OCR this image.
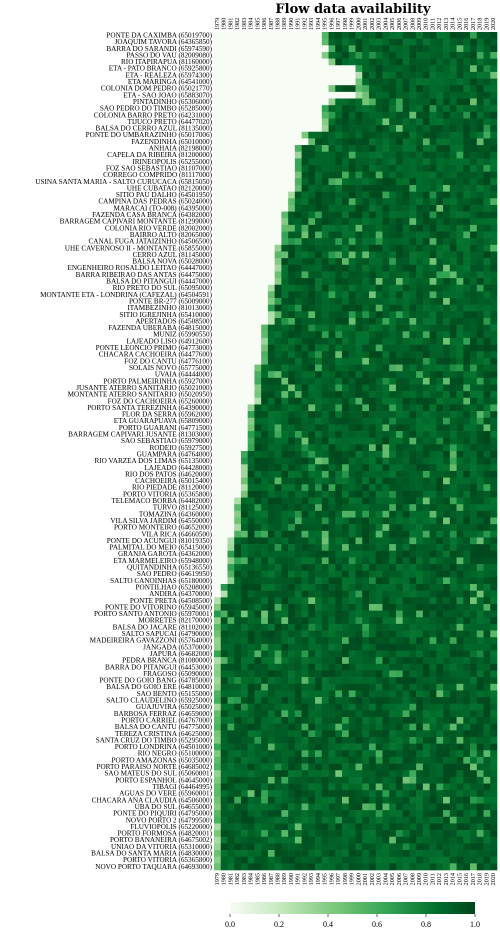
Flow data availability
1979 1980 1981 1982 1983 1984 1985 1986 1987 1988 1989 1990 1991 1992 1993 1994 1995 1996 1997 1998 1999 2000 2001 2002 2003 2004 2005 2006 2007 2008 2009 2010 2011 2012 2013 2014 2015 2016 2017 2018 2019 2020
PONTE DA CAXIMBA (65019700)
JOAQUIM TAVORA (64365850)
BARRA DO SARANDI (65974590)
PASSO DO VAU (82009080)
RIO ITAPIRAPUA (81160000)
ETA - PATO BRANCO (65925800)
ETA - REALEZA (65974300)
ETA MARINGA (64541000)
COLONIA DOM PEDRO (65021770)
ETA - SAO JOAO (65883070)
PINTADINHO (65306000)
SAO PEDRO DO TIMBO (65285000)
COLONIA BARRO PRETO (64231000)
TIJUCO PRETO (64477020)
BALSA DO CERRO AZUL (81135000)
PONTE DO UMBARAZINHO (65017006)
FAZENDINHA (65010000)
ANHAIA (82198000)
CAPELA DA RIBEIRA (81200000)
IRINEOPOLIS (65255000)
FOZ SAO SEBASTIAO (81107000)
CORREGO COMPRIDO (81117000)
USINA SANTA MARIA - SALTO CURUCACA (65815050)
UHE CUBATAO (82120000)
SITIO PAU DALHO (64501950)
CAMPINA DAS PEDRAS (65024000)
MARACAI (TO-008) (64395000)
FAZENDA CASA BRANCA (64382000)
BARRAGEM CAPIVARI MONTANTE (81299000)
COLONIA RIO VERDE (82002000)
BAIRRO ALTO (82065000)
CANAL FUGA JATAIZINHO (64506500)
UHE CAVERNOSO II - MONTANTE (65855000)
CERRO AZUL (81145000)
BALSA NOVA (65028000)
ENGENHEIRO ROSALDO LEITAO (64447000)
BARRA RIBEIRAO DAS ANTAS (64475000)
BALSA DO PITANGUI (64447000)
RIO PRETO DO SUL (65095000)
MONTANTE ETA - LONDRINA (CAFEZAL) (64504591)
PONTE BR-277 (65009000)
ITAMBEZINHO (81013000)
SITIO IGREJINHA (65410000)
APERTADOS (64508500)
FAZENDA UBERABA (64815000)
MUNIZ (65990550)
LAJEADO LISO (64912600)
PONTE LEONCIO PRIMO (64773000)
CHACARA CACHOEIRA (64477600)
FOZ DO CANTU (64776100)
SOLAIS NOVO (65775000)
UVAIA (64444000)
PORTO PALMEIRINHA (65927000)
JUSANTE ATERRO SANITARIO (65021000)
MONTANTE ATERRO SANITARIO (65020950)
FOZ DO CACHOEIRA (65260000)
PORTO SANTA TEREZINHA (64390000)
FLOR DA SERRA (65962000)
ETA GUARAPUAVA (65809000)
PORTO GUARANI (64771500)
BARRAGEM CAPIVARI JUSANTE (81303000)
SAO SEBASTIAO (65979000)
RODEIO (65927500)
GUAMPARA (64764000)
RIO VARZEA DOS LIMAS (65135000)
LAJEADO (64428000)
RIO DOS PATOS (64620000)
CACHOEIRA (65015400)
RIO PIEDADE (81120000)
PORTO VITORIA (65365800)
TELEMACO BORBA (64482000)
TURVO (81125000)
TOMAZINA (64360000)
VILA SILVA JARDIM (64550000)
PORTO MONTEIRO (64652000)
VILA RICA (64660500)
PONTE DO ACUNGUI (81019350)
PALMITAL DO MEIO (65415000)
GRANJA GAROTA (64362000)
ETA MARMELEIRO (65948000)
QUITANDINHA (65136550)
SAO PEDRO (64619950)
SALTO CANOINHAS (65180000)
PONTILHAO (65208000)
ANDIRA (64370000)
PONTE PRETA (64508500)
PONTE DO VITORINO (65945000)
PORTO SANTO ANTONIO (65970001)
MORRETES (82170000)
BALSA DO JACARE (81102000)
SALTO SAPUCAI (64790000)
MADEIREIRA GAVAZZONI (65764000)
JANGADA (65370000)
JAPURA (64682000)
PEDRA BRANCA (81080000)
BARRA DO PITANGUI (64453000)
FRAGOSO (65090000)
PONTE DO GOIO BANG (64785000)
BALSA DO GOIO ERE (64810000)
SAO BENTO (65155000)
SALTO CLAUDELINO (65925000)
GUAJUVIRA (65025000)
BARBOSA FERRAZ (64659000)
PORTO CARRIEL (64767000)
BALSA DO CANTU (64775000)
TEREZA CRISTINA (64625000)
SANTA CRUZ DO TIMBO (65295000)
PORTO LONDRINA (64501000)
RIO NEGRO (65100000)
PORTO AMAZONAS (65035000)
PORTO PARAISO NORTE (64685002)
SAO MATEUS DO SUL (65060001)
PORTO ESPANHOL (64645000)
TIBAGI (64464995)
AGUAS DO VERE (65960001)
CHACARA ANA CLAUDIA (64506000)
UBA DO SUL (64655000)
PONTE DO PIQUIRI (64795000)
NOVO PORTO 2 (64799500)
FLUVIOPOLIS (65220000)
PORTO FORMOSA (64820001)
PORTO BANANEIRA (64675002)
UNIAO DA VITORIA (65310000)
BALSA DO SANTA MARIA (64830000)
PORTO VITORIA (65365800)
NOVO PORTO TAQUARA (64693000)
1979 1980 1981 1982 1983 1984 1985 1986 1987 1988 1989 1990 1991 1992 1993 1994 1995 1996 1997 1998 1999 2000 2001 2002 2003 2004 2005 2006 2007 2008 2009 2010 2011 2012 2013 2014 2015 2016 2017 2018 2019 2020
0.0	0.2	0.4	0.6	0.8	1.0
